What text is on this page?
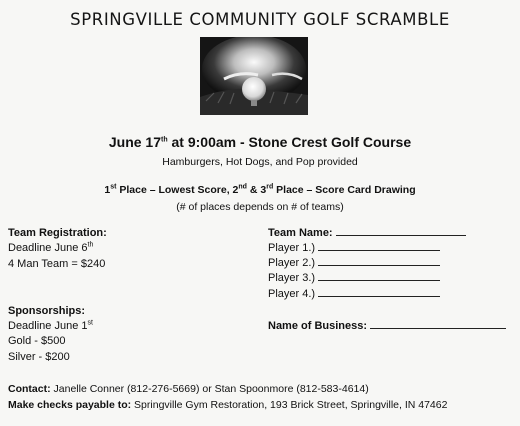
SPRINGVILLE COMMUNITY GOLF SCRAMBLE
June 17th at 9:00am - Stone Crest Golf Course
Hamburgers, Hot Dogs, and Pop provided
1st Place – Lowest Score, 2nd & 3rd Place – Score Card Drawing
(# of places depends on # of teams)
Team Registration:
Deadline June 6th
4 Man Team = $240
Sponsorships:
Deadline June 1st
Gold - $500
Silver - $200
Team Name:
Player 1.)
Player 2.)
Player 3.)
Player 4.)
Name of Business:
Contact: Janelle Conner (812-276-5669) or Stan Spoonmore (812-583-4614)
Make checks payable to: Springville Gym Restoration, 193 Brick Street, Springville, IN 47462
